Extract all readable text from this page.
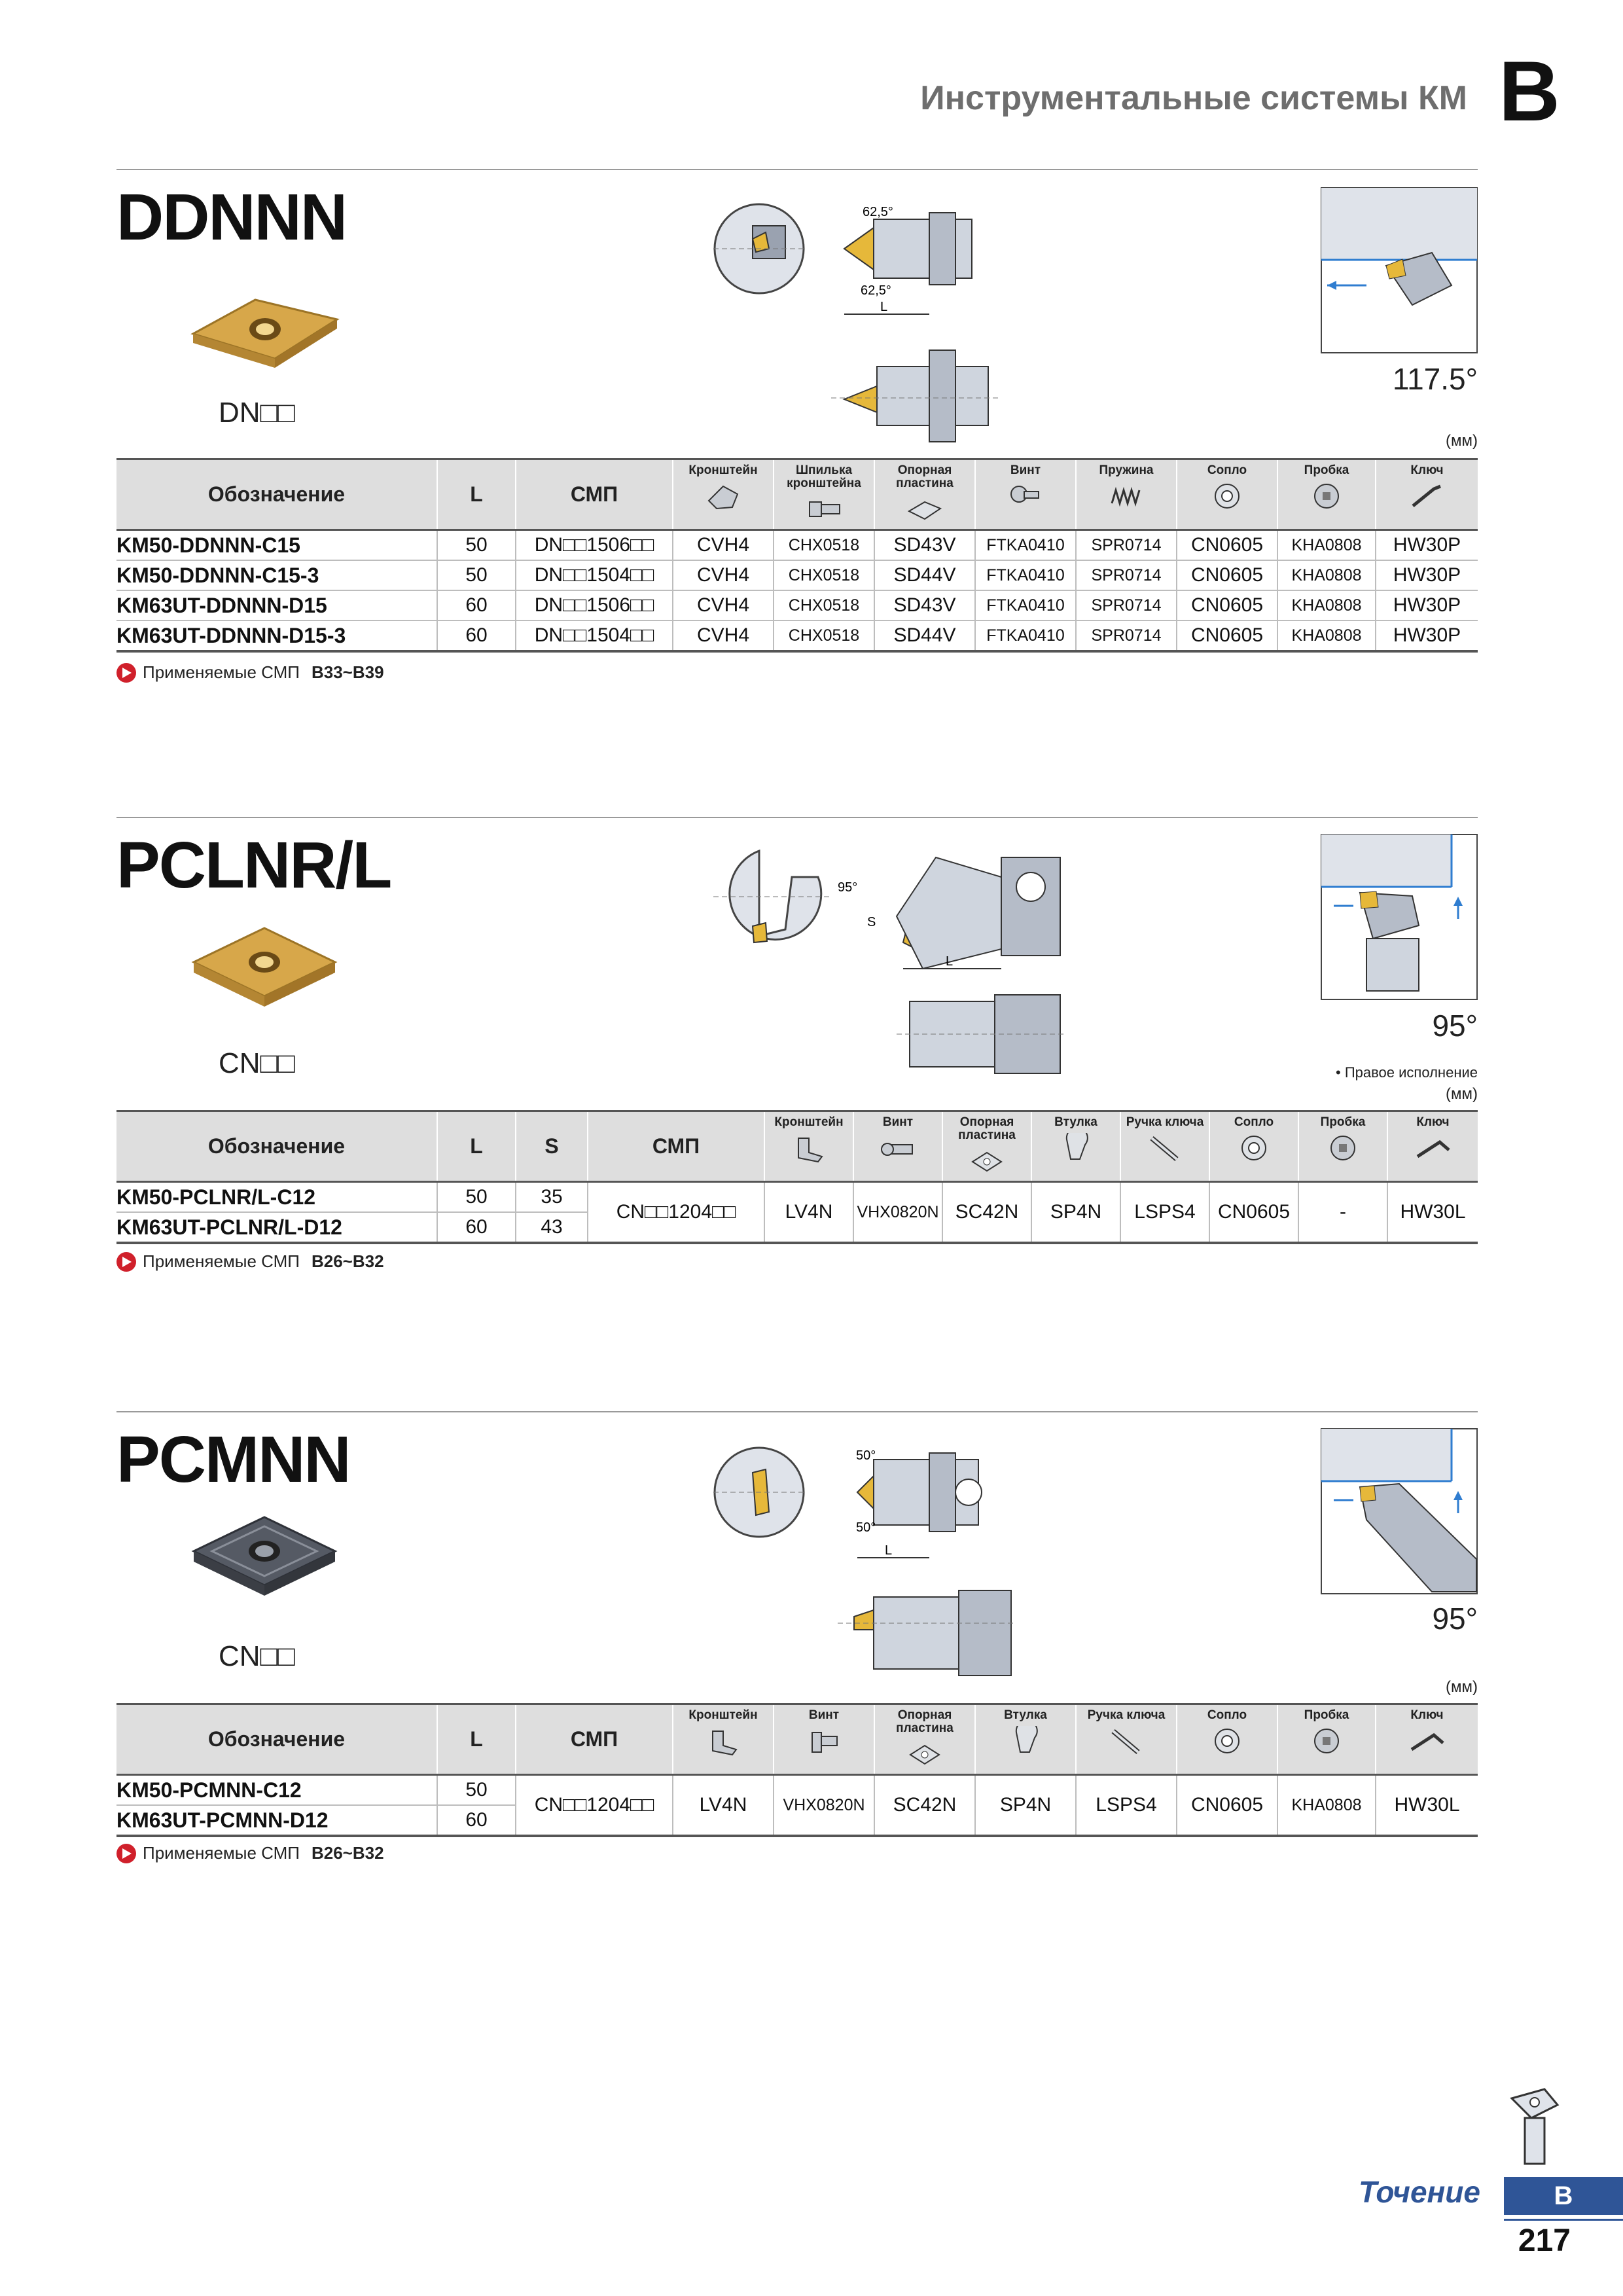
Инструментальные системы КМ B
DDNNN
DN□□
62,5°
62,5°
L
117.5°
(мм)
Обозначение	L	СМП	Кронштейн	Шпилька кронштейна	Опорная пластина	Винт	Пружина	Сопло	Пробка	Ключ

KM50-DDNNN-C15	50	DN□□1506□□	CVH4	CHX0518	SD43V	FTKA0410	SPR0714	CN0605	KHA0808	HW30P
KM50-DDNNN-C15-3	50	DN□□1504□□	CVH4	CHX0518	SD44V	FTKA0410	SPR0714	CN0605	KHA0808	HW30P
KM63UT-DDNNN-D15	60	DN□□1506□□	CVH4	CHX0518	SD43V	FTKA0410	SPR0714	CN0605	KHA0808	HW30P
KM63UT-DDNNN-D15-3	60	DN□□1504□□	CVH4	CHX0518	SD44V	FTKA0410	SPR0714	CN0605	KHA0808	HW30P
Применяемые СМП B33~B39
PCLNR/L
CN□□
95°
S
L
95°
• Правое исполнение
(мм)
Обозначение	L	S	СМП	Кронштейн	Винт	Опорная пластина	Втулка	Ручка ключа	Сопло	Пробка	Ключ

KM50-PCLNR/L-C12	50	35	CN□□1204□□	LV4N	VHX0820N	SC42N	SP4N	LSPS4	CN0605	-	HW30L
KM63UT-PCLNR/L-D12	60	43									
Применяемые СМП B26~B32
PCMNN
CN□□
50°
50°
L
95°
(мм)
Обозначение	L	СМП	Кронштейн	Винт	Опорная пластина	Втулка	Ручка ключа	Сопло	Пробка	Ключ

KM50-PCMNN-C12	50	CN□□1204□□	LV4N	VHX0820N	SC42N	SP4N	LSPS4	CN0605	KHA0808	HW30L
KM63UT-PCMNN-D12	60									
Применяемые СМП B26~B32
Точение	B
217
